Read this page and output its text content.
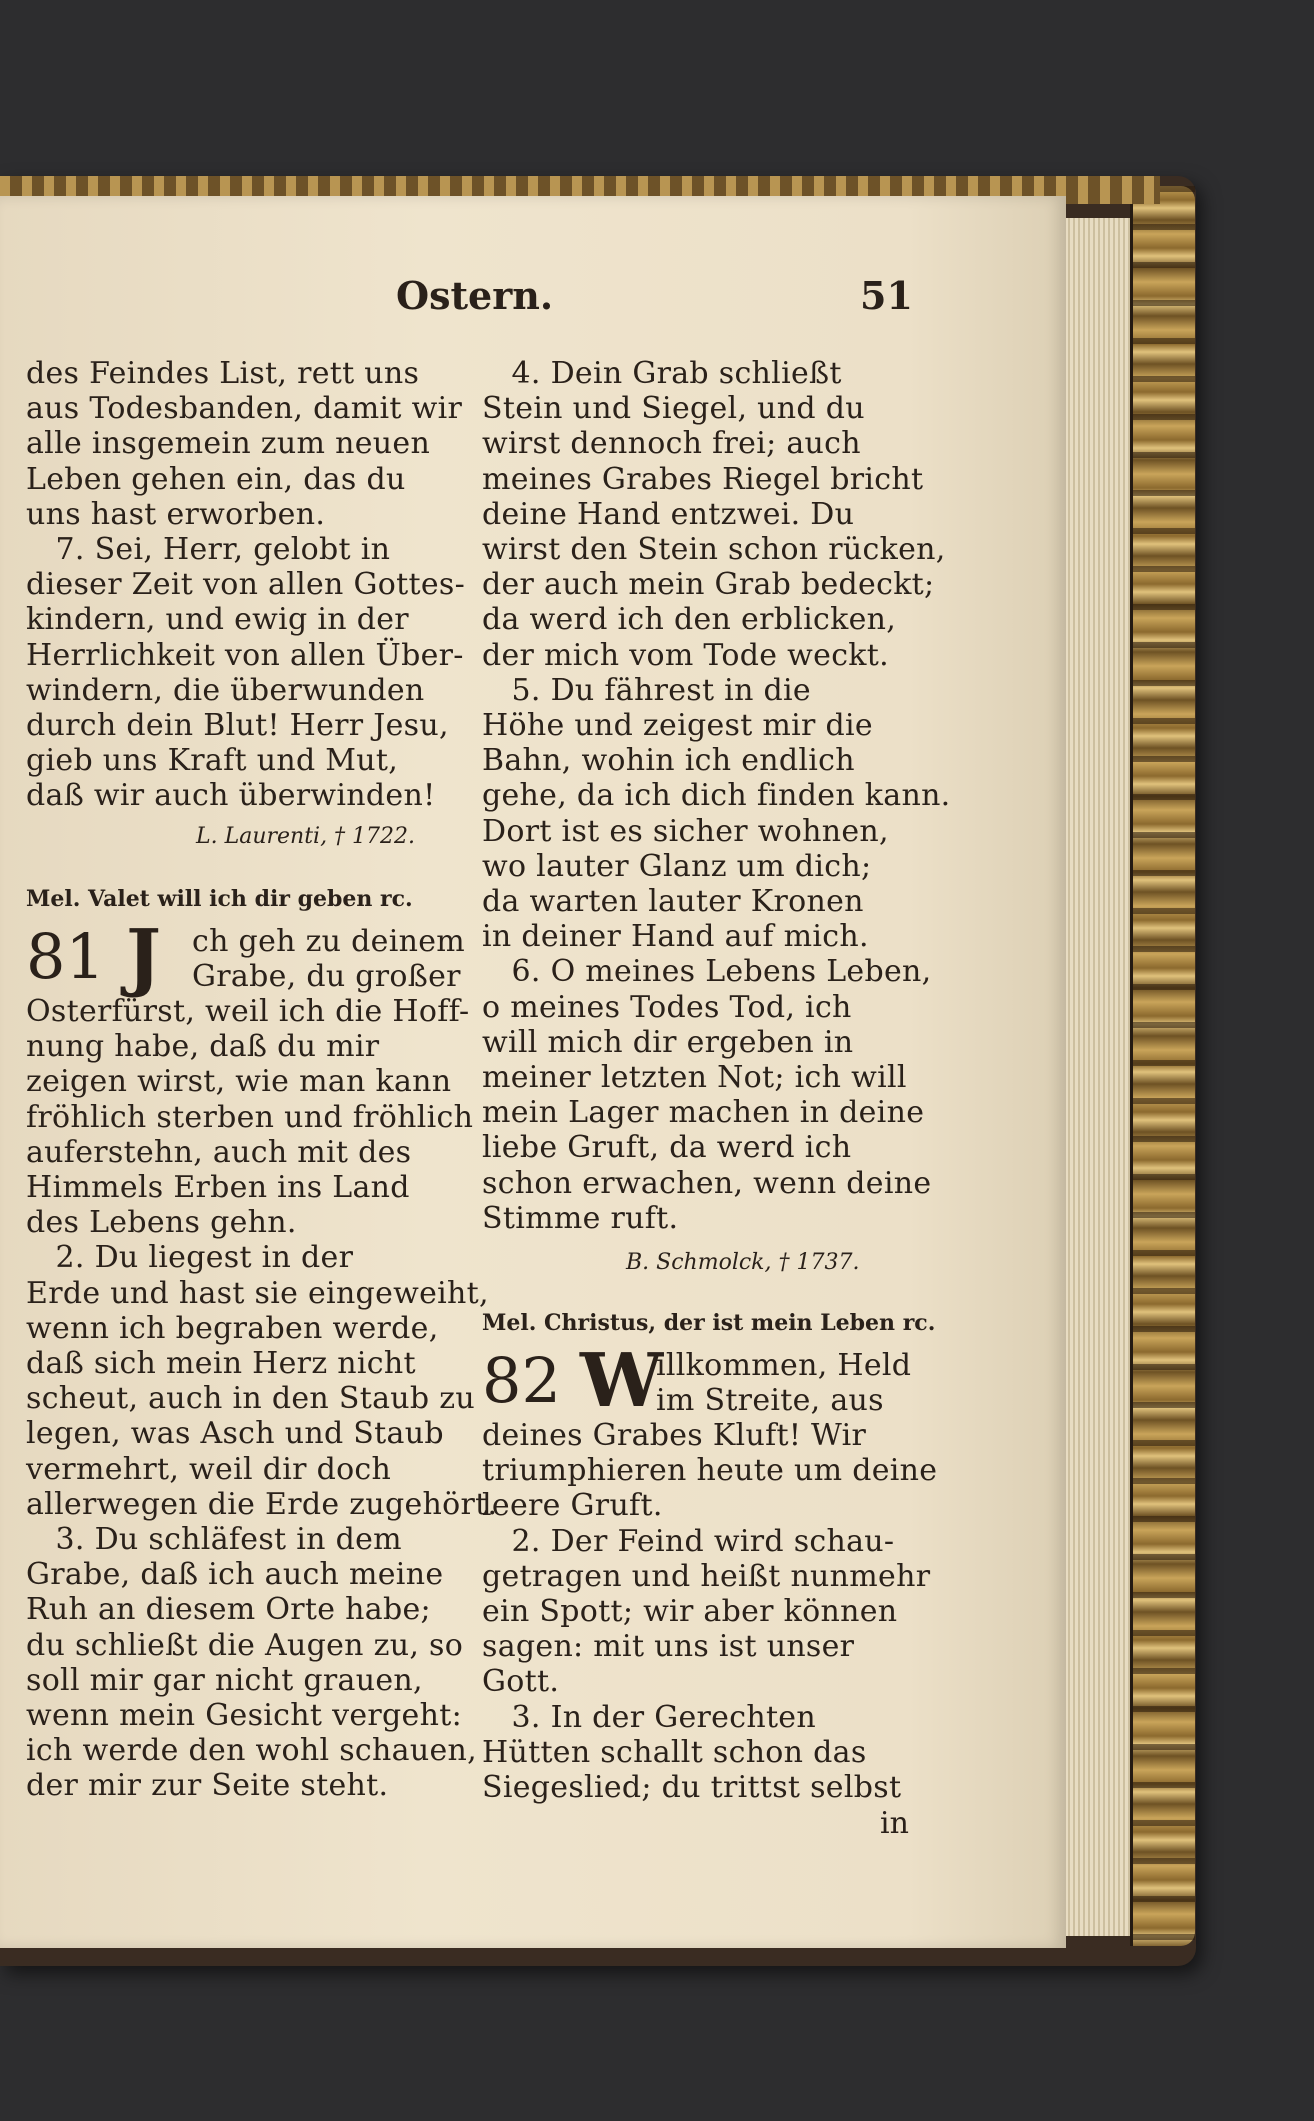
Ostern.	51
des Feindes List, rett uns
aus Todesbanden, damit wir
alle insgemein zum neuen
Leben gehen ein, das du
uns hast erworben.
7. Sei, Herr, gelobt in
dieser Zeit von allen Gottes-
kindern, und ewig in der
Herrlichkeit von allen Über-
windern, die überwunden
durch dein Blut! Herr Jesu,
gieb uns Kraft und Mut,
daß wir auch überwinden!
L. Laurenti, † 1722.
Mel. Valet will ich dir geben rc.
81 J ch geh zu deinem
Grabe, du großer
Osterfürst, weil ich die Hoff-
nung habe, daß du mir
zeigen wirst, wie man kann
fröhlich sterben und fröhlich
auferstehn, auch mit des
Himmels Erben ins Land
des Lebens gehn.
2. Du liegest in der
Erde und hast sie eingeweiht,
wenn ich begraben werde,
daß sich mein Herz nicht
scheut, auch in den Staub zu
legen, was Asch und Staub
vermehrt, weil dir doch
allerwegen die Erde zugehört.
3. Du schläfest in dem
Grabe, daß ich auch meine
Ruh an diesem Orte habe;
du schließt die Augen zu, so
soll mir gar nicht grauen,
wenn mein Gesicht vergeht:
ich werde den wohl schauen,
der mir zur Seite steht.
4. Dein Grab schließt
Stein und Siegel, und du
wirst dennoch frei; auch
meines Grabes Riegel bricht
deine Hand entzwei. Du
wirst den Stein schon rücken,
der auch mein Grab bedeckt;
da werd ich den erblicken,
der mich vom Tode weckt.
5. Du fährest in die
Höhe und zeigest mir die
Bahn, wohin ich endlich
gehe, da ich dich finden kann.
Dort ist es sicher wohnen,
wo lauter Glanz um dich;
da warten lauter Kronen
in deiner Hand auf mich.
6. O meines Lebens Leben,
o meines Todes Tod, ich
will mich dir ergeben in
meiner letzten Not; ich will
mein Lager machen in deine
liebe Gruft, da werd ich
schon erwachen, wenn deine
Stimme ruft.
B. Schmolck, † 1737.
Mel. Christus, der ist mein Leben rc.
82 W
illkommen, Held
im Streite, aus
deines Grabes Kluft! Wir
triumphieren heute um deine
leere Gruft.
2. Der Feind wird schau-
getragen und heißt nunmehr
ein Spott; wir aber können
sagen: mit uns ist unser
Gott.
3. In der Gerechten
Hütten schallt schon das
Siegeslied; du trittst selbst
in
